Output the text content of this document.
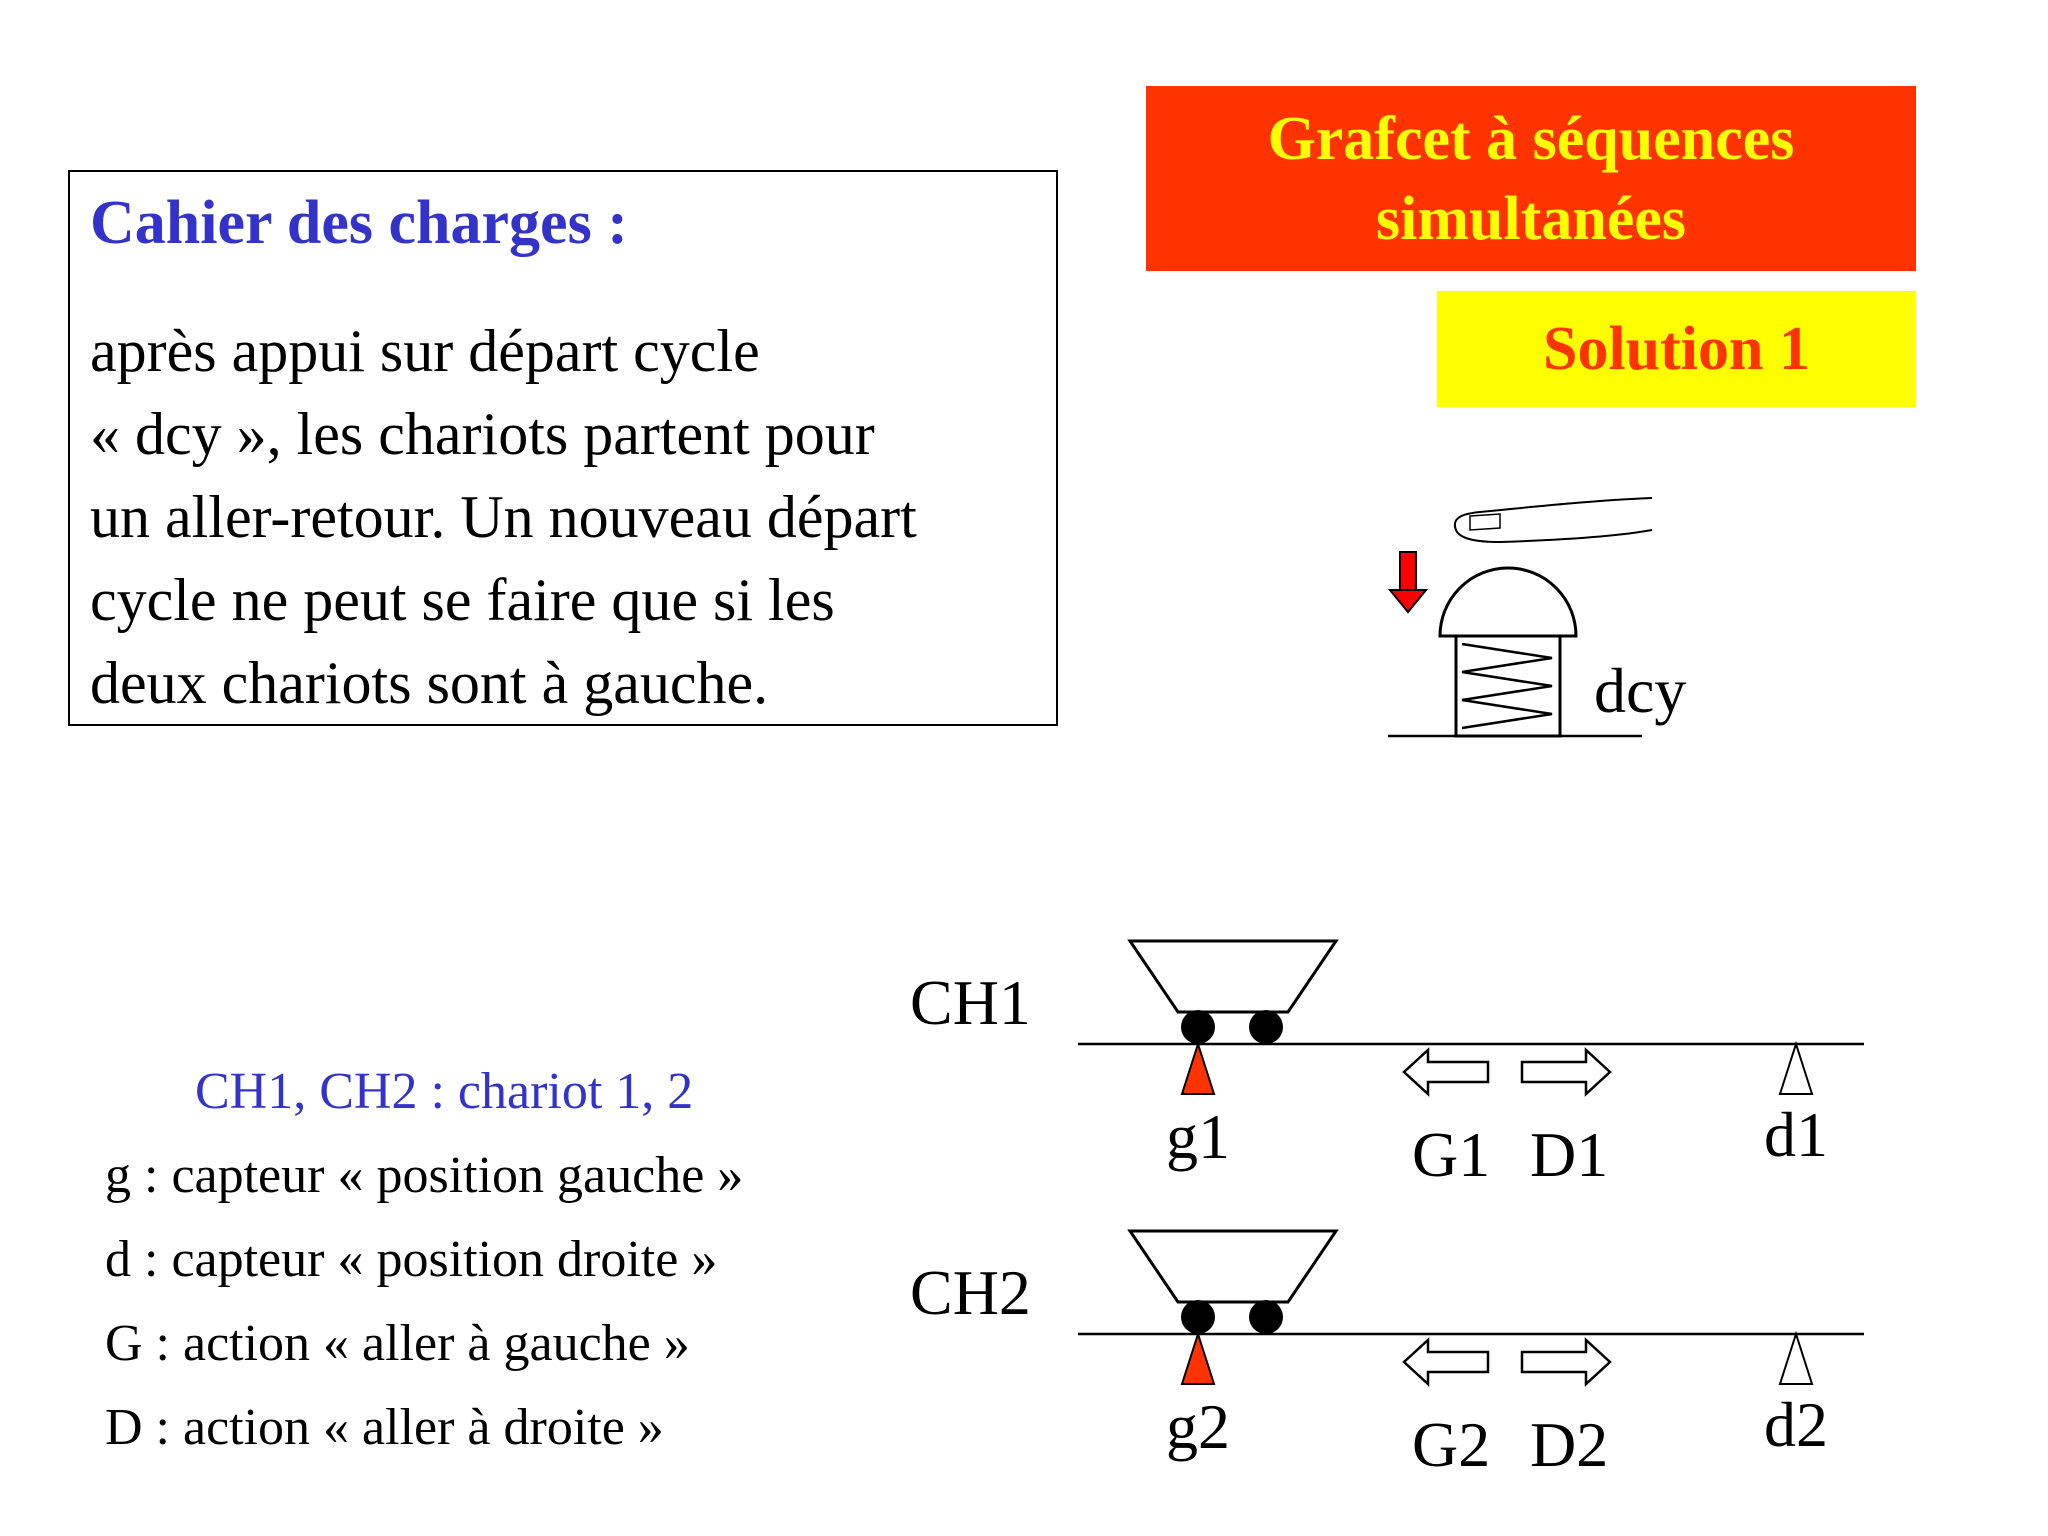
Cahier des charges :
après appui sur départ cycle
« dcy », les chariots partent pour
un aller-retour. Un nouveau départ
cycle ne peut se faire que si les
deux chariots sont à gauche.
Grafcet à séquences
simultanées
Solution 1
CH1, CH2 : chariot 1, 2
g : capteur « position gauche »
d : capteur « position droite »
G : action « aller à gauche »
D : action « aller à droite »
dcy
CH1
g1	G1 D1 d1
CH2
g2	G2 D2 d2
